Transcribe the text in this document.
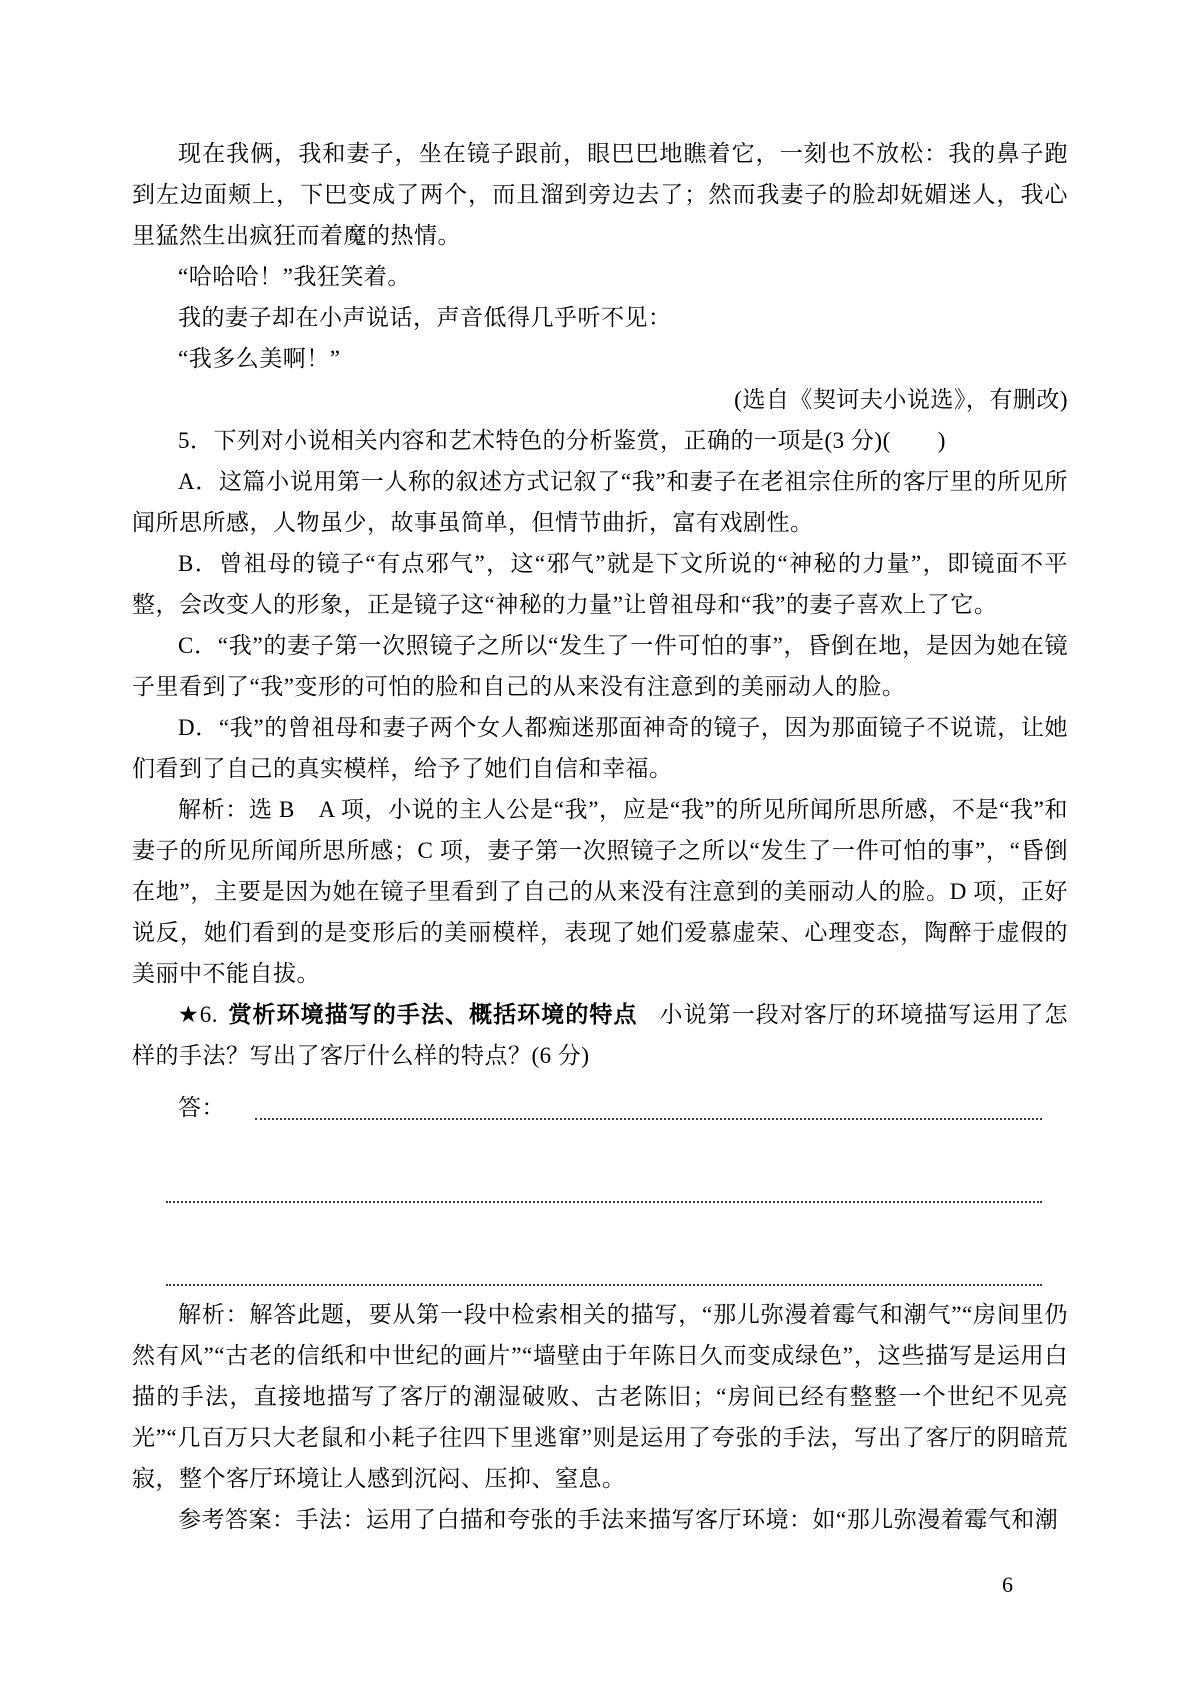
现在我俩，我和妻子，坐在镜子跟前，眼巴巴地瞧着它，一刻也不放松：我的鼻子跑到左边面颊上，下巴变成了两个，而且溜到旁边去了；然而我妻子的脸却妩媚迷人，我心里猛然生出疯狂而着魔的热情。

“哈哈哈！”我狂笑着。

我的妻子却在小声说话，声音低得几乎听不见：

“我多么美啊！”

(选自《契诃夫小说选》，有删改)

5．下列对小说相关内容和艺术特色的分析鉴赏，正确的一项是(3 分)(　　)

A．这篇小说用第一人称的叙述方式记叙了“我”和妻子在老祖宗住所的客厅里的所见所闻所思所感，人物虽少，故事虽简单，但情节曲折，富有戏剧性。

B．曾祖母的镜子“有点邪气”，这“邪气”就是下文所说的“神秘的力量”，即镜面不平整，会改变人的形象，正是镜子这“神秘的力量”让曾祖母和“我”的妻子喜欢上了它。

C．“我”的妻子第一次照镜子之所以“发生了一件可怕的事”，昏倒在地，是因为她在镜子里看到了“我”变形的可怕的脸和自己的从来没有注意到的美丽动人的脸。

D．“我”的曾祖母和妻子两个女人都痴迷那面神奇的镜子，因为那面镜子不说谎，让她们看到了自己的真实模样，给予了她们自信和幸福。

解析：选 B　A 项，小说的主人公是“我”，应是“我”的所见所闻所思所感，不是“我”和妻子的所见所闻所思所感；C 项，妻子第一次照镜子之所以“发生了一件可怕的事”，“昏倒在地”，主要是因为她在镜子里看到了自己的从来没有注意到的美丽动人的脸。D 项，正好说反，她们看到的是变形后的美丽模样，表现了她们爱慕虚荣、心理变态，陶醉于虚假的美丽中不能自拔。

★6. 赏析环境描写的手法、概括环境的特点 小说第一段对客厅的环境描写运用了怎样的手法？写出了客厅什么样的特点？(6 分)

答：

解析：解答此题，要从第一段中检索相关的描写，“那儿弥漫着霉气和潮气”“房间里仍然有风”“古老的信纸和中世纪的画片”“墙壁由于年陈日久而变成绿色”，这些描写是运用白描的手法，直接地描写了客厅的潮湿破败、古老陈旧；“房间已经有整整一个世纪不见亮光”“几百万只大老鼠和小耗子往四下里逃窜”则是运用了夸张的手法，写出了客厅的阴暗荒寂，整个客厅环境让人感到沉闷、压抑、窒息。

参考答案：手法：运用了白描和夸张的手法来描写客厅环境：如“那儿弥漫着霉气和潮

6
